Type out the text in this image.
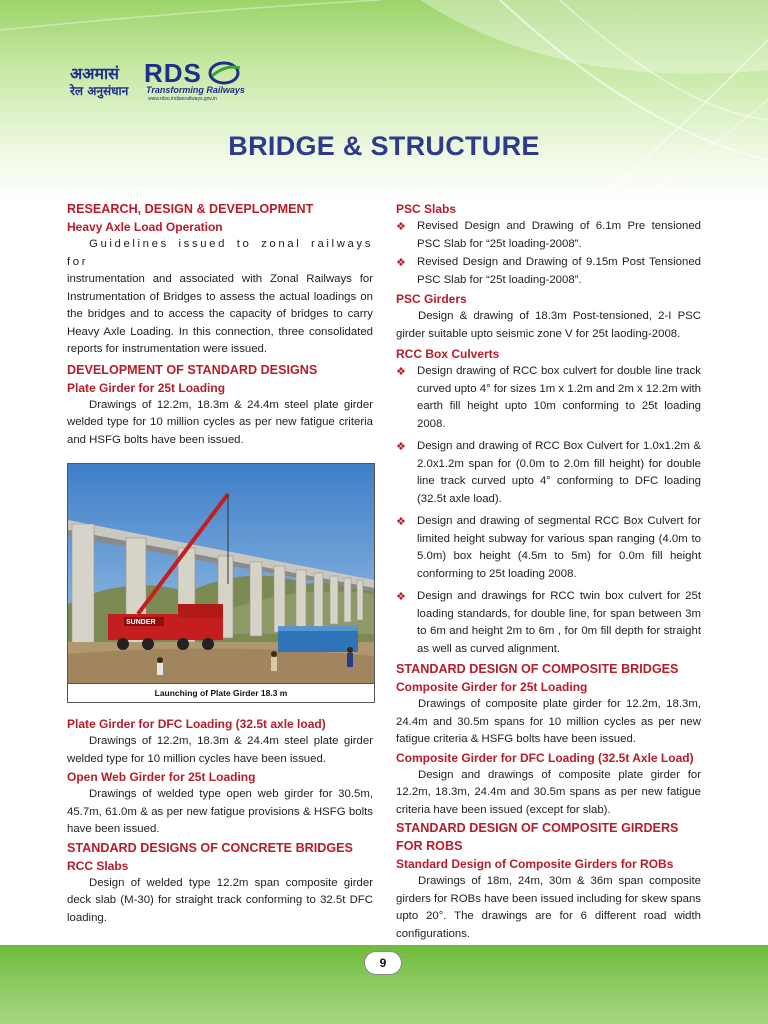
अअमासं RDS
रेल अनुसंधान Transforming Railways
www.rdso.indianrailways.gov.in
BRIDGE & STRUCTURE

RESEARCH, DESIGN & DEVEPLOPMENT

Heavy Axle Load Operation

Guidelines issued to zonal railways for

instrumentation and associated with Zonal Railways for Instrumentation of Bridges to assess the actual loadings on the bridges and to access the capacity of bridges to carry Heavy Axle Loading. In this connection, three consolidated reports for instrumentation were issued.

DEVELOPMENT OF STANDARD DESIGNS

Plate Girder for 25t Loading

Drawings of 12.2m, 18.3m & 24.4m steel plate girder welded type for 10 million cycles as per new fatigue criteria and HSFG bolts have been issued.

SUNDER
Launching of Plate Girder 18.3 m

Plate Girder for DFC Loading (32.5t axle load)

Drawings of 12.2m, 18.3m & 24.4m steel plate girder welded type for 10 million cycles have been issued.

Open Web Girder for 25t Loading

Drawings of welded type open web girder for 30.5m, 45.7m, 61.0m & as per new fatigue provisions & HSFG bolts have been issued.

STANDARD DESIGNS OF CONCRETE BRIDGES

RCC Slabs

Design of welded type 12.2m span composite girder deck slab (M-30) for straight track conforming to 32.5t DFC loading.

PSC Slabs

❖ Revised Design and Drawing of 6.1m Pre tensioned PSC Slab for “25t loading-2008”.
❖ Revised Design and Drawing of 9.15m Post Tensioned PSC Slab for “25t loading-2008”.

PSC Girders

Design & drawing of 18.3m Post-tensioned, 2-I PSC girder suitable upto seismic zone V for 25t laoding-2008.

RCC Box Culverts

❖ Design drawing of RCC box culvert for double line track curved upto 4° for sizes 1m x 1.2m and 2m x 12.2m with earth fill height upto 10m conforming to 25t loading 2008.
❖ Design and drawing of RCC Box Culvert for 1.0x1.2m & 2.0x1.2m span for (0.0m to 2.0m fill height) for double line track curved upto 4° conforming to DFC loading (32.5t axle load).
❖ Design and drawing of segmental RCC Box Culvert for limited height subway for various span ranging (4.0m to 5.0m) box height (4.5m to 5m) for 0.0m fill height conforming to 25t loading 2008.
❖ Design and drawings for RCC twin box culvert for 25t loading standards, for double line, for span between 3m to 6m and height 2m to 6m , for 0m fill depth for straight as well as curved alignment.

STANDARD DESIGN OF COMPOSITE BRIDGES

Composite Girder for 25t Loading

Drawings of composite plate girder for 12.2m, 18.3m, 24.4m and 30.5m spans for 10 million cycles as per new fatigue criteria & HSFG bolts have been issued.

Composite Girder for DFC Loading (32.5t Axle Load)

Design and drawings of composite plate girder for 12.2m, 18.3m, 24.4m and 30.5m spans as per new fatigue criteria have been issued (except for slab).

STANDARD DESIGN OF COMPOSITE GIRDERS FOR ROBS

Standard Design of Composite Girders for ROBs

Drawings of 18m, 24m, 30m & 36m span composite girders for ROBs have been issued including for skew spans upto 20°. The drawings are for 6 different road width configurations.

9
